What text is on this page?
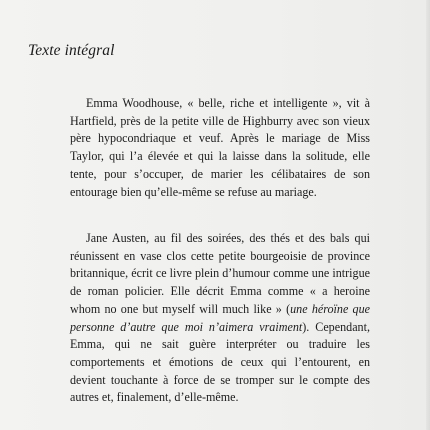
Texte intégral

Emma Woodhouse, « belle, riche et intelligente », vit à Hartfield, près de la petite ville de Highburry avec son vieux père hypocondriaque et veuf. Après le mariage de Miss Taylor, qui l’a élevée et qui la laisse dans la solitude, elle tente, pour s’occuper, de marier les célibataires de son entourage bien qu’elle-même se refuse au mariage.

Jane Austen, au fil des soirées, des thés et des bals qui réunissent en vase clos cette petite bourgeoisie de province britannique, écrit ce livre plein d’humour comme une intrigue de roman policier. Elle décrit Emma comme « a heroine whom no one but myself will much like » (une héroïne que personne d’autre que moi n’aimera vraiment). Cependant, Emma, qui ne sait guère interpréter ou traduire les comportements et émotions de ceux qui l’entourent, en devient touchante à force de se tromper sur le compte des autres et, finalement, d’elle-même.
